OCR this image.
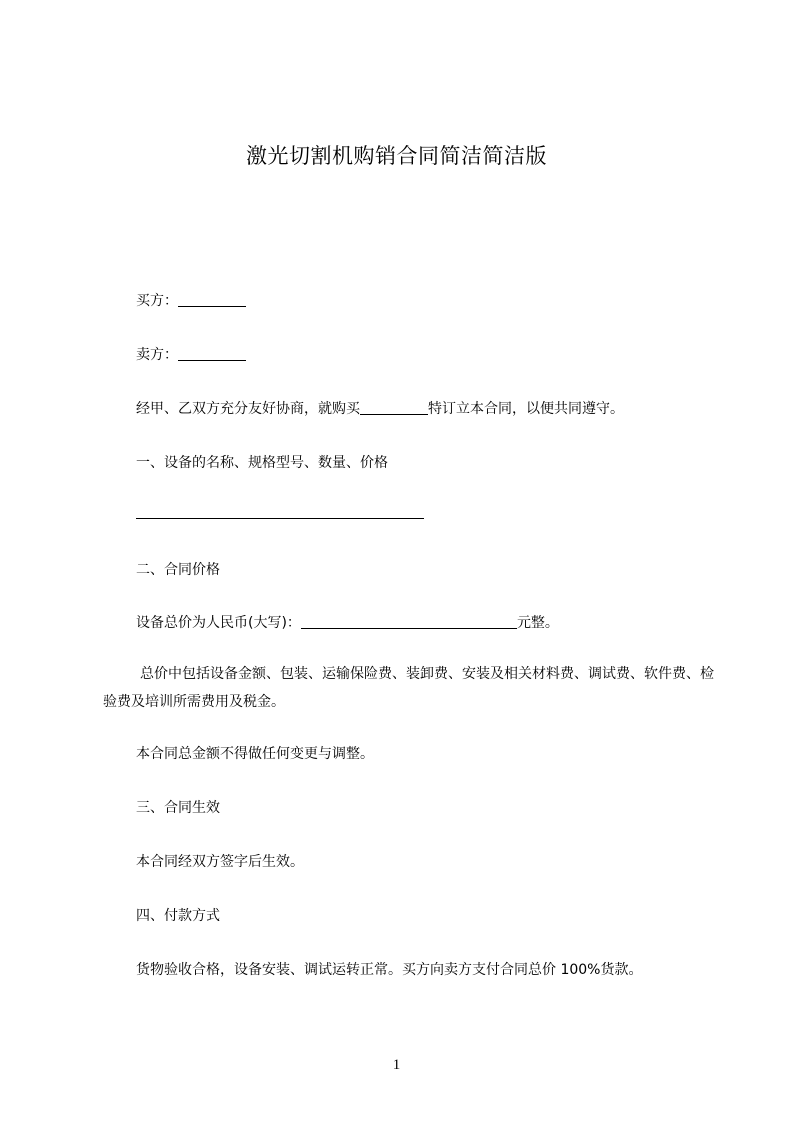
激光切割机购销合同简洁简洁版
买方：
卖方：
经甲、乙双方充分友好协商，就购买	特订立本合同，以便共同遵守。
一、设备的名称、规格型号、数量、价格
二、合同价格
设备总价为人民币(大写)：	元整。
总价中包括设备金额、包装、运输保险费、装卸费、安装及相关材料费、调试费、软件费、检验费及培训所需费用及税金。
本合同总金额不得做任何变更与调整。
三、合同生效
本合同经双方签字后生效。
四、付款方式
货物验收合格，设备安装、调试运转正常。买方向卖方支付合同总价 100%货款。
1
